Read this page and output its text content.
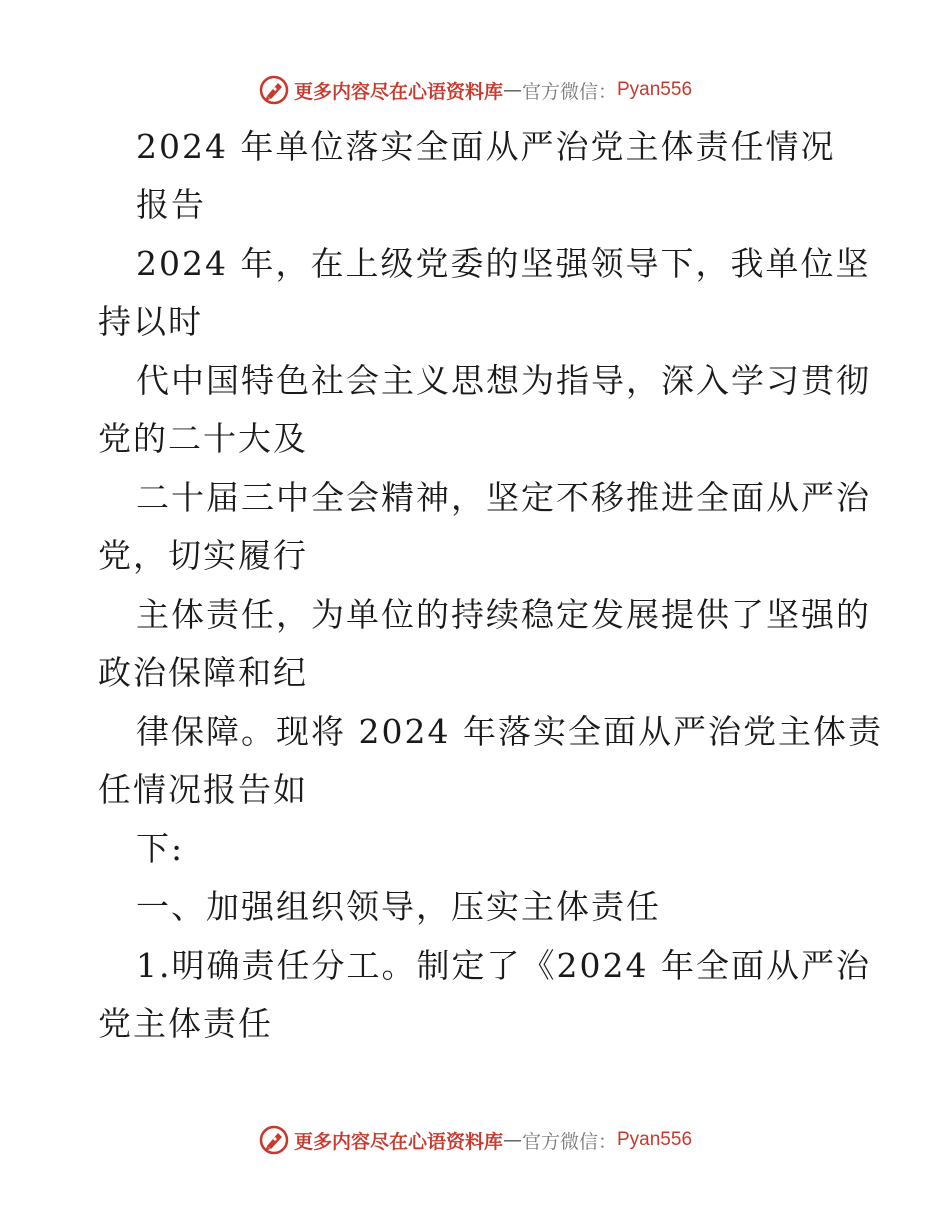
更多内容尽在心语资料库 — 官方微信： Pyan556
2024 年单位落实全面从严治党主体责任情况
报告
2024 年，在上级党委的坚强领导下，我单位坚
持以时
代中国特色社会主义思想为指导，深入学习贯彻
党的二十大及
二十届三中全会精神，坚定不移推进全面从严治
党，切实履行
主体责任，为单位的持续稳定发展提供了坚强的
政治保障和纪
律保障。现将 2024 年落实全面从严治党主体责
任情况报告如
下:
一、加强组织领导，压实主体责任
1.明确责任分工。制定了《2024 年全面从严治
党主体责任
更多内容尽在心语资料库 — 官方微信： Pyan556
